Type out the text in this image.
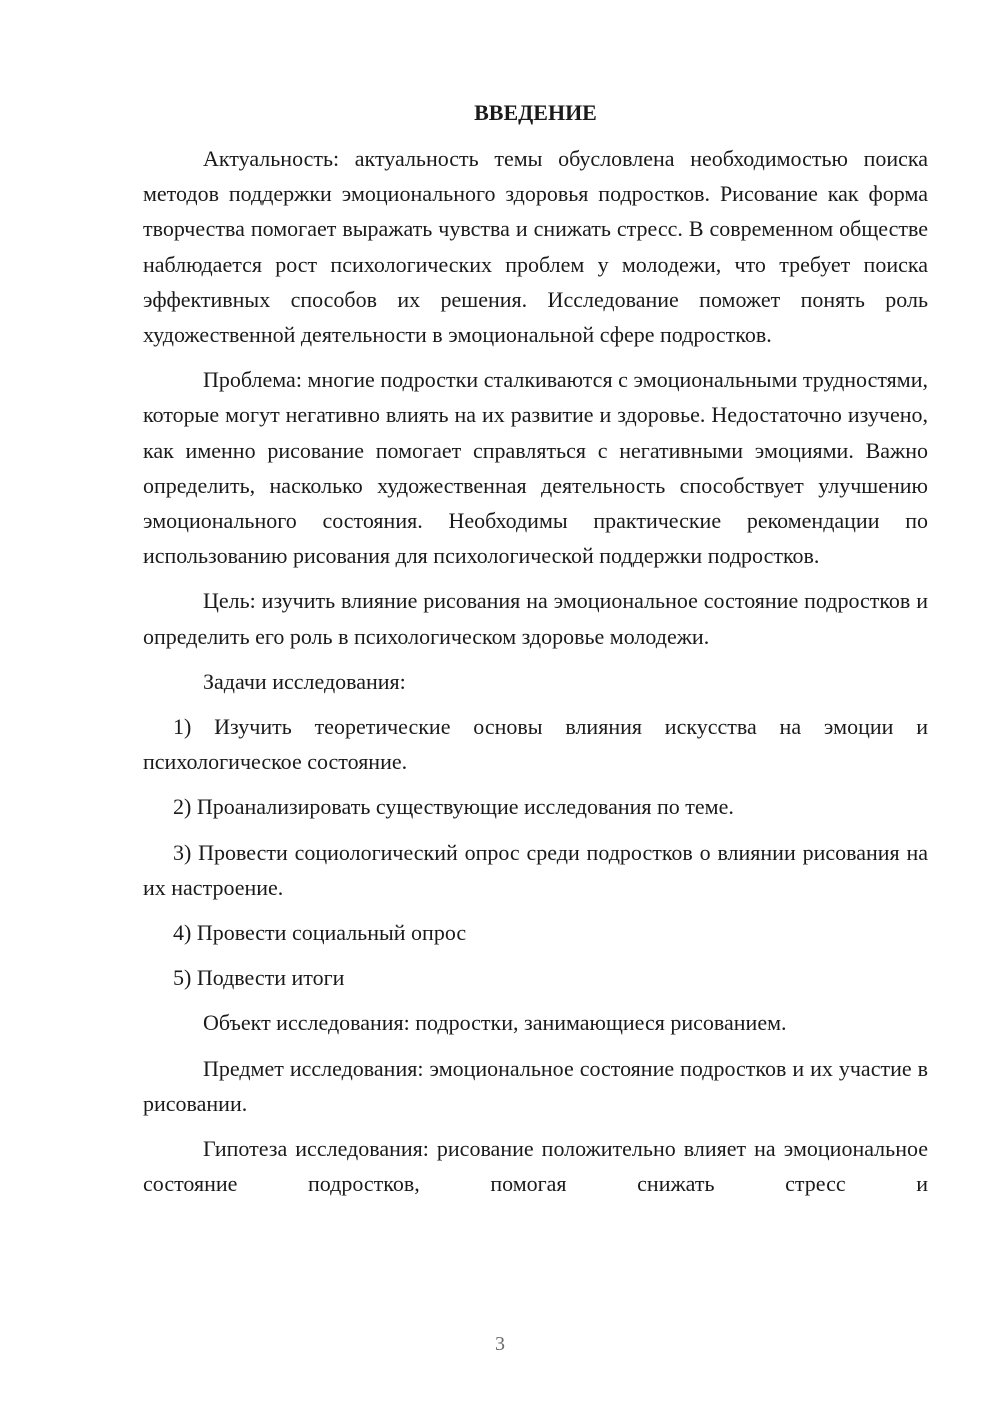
ВВЕДЕНИЕ

Актуальность: актуальность темы обусловлена необходимостью поиска методов поддержки эмоционального здоровья подростков. Рисование как форма творчества помогает выражать чувства и снижать стресс. В современном обществе наблюдается рост психологических проблем у молодежи, что требует поиска эффективных способов их решения. Исследование поможет понять роль художественной деятельности в эмоциональной сфере подростков.

Проблема: многие подростки сталкиваются с эмоциональными трудностями, которые могут негативно влиять на их развитие и здоровье. Недостаточно изучено, как именно рисование помогает справляться с негативными эмоциями. Важно определить, насколько художественная деятельность способствует улучшению эмоционального состояния. Необходимы практические рекомендации по использованию рисования для психологической поддержки подростков.

Цель: изучить влияние рисования на эмоциональное состояние подростков и определить его роль в психологическом здоровье молодежи.

Задачи исследования:

1) Изучить теоретические основы влияния искусства на эмоции и психологическое состояние.

2) Проанализировать существующие исследования по теме.

3) Провести социологический опрос среди подростков о влиянии рисования на их настроение.

4) Провести социальный опрос

5) Подвести итоги

Объект исследования: подростки, занимающиеся рисованием.

Предмет исследования: эмоциональное состояние подростков и их участие в рисовании.

Гипотеза исследования: рисование положительно влияет на эмоциональное состояние подростков, помогая снижать стресс и

3
